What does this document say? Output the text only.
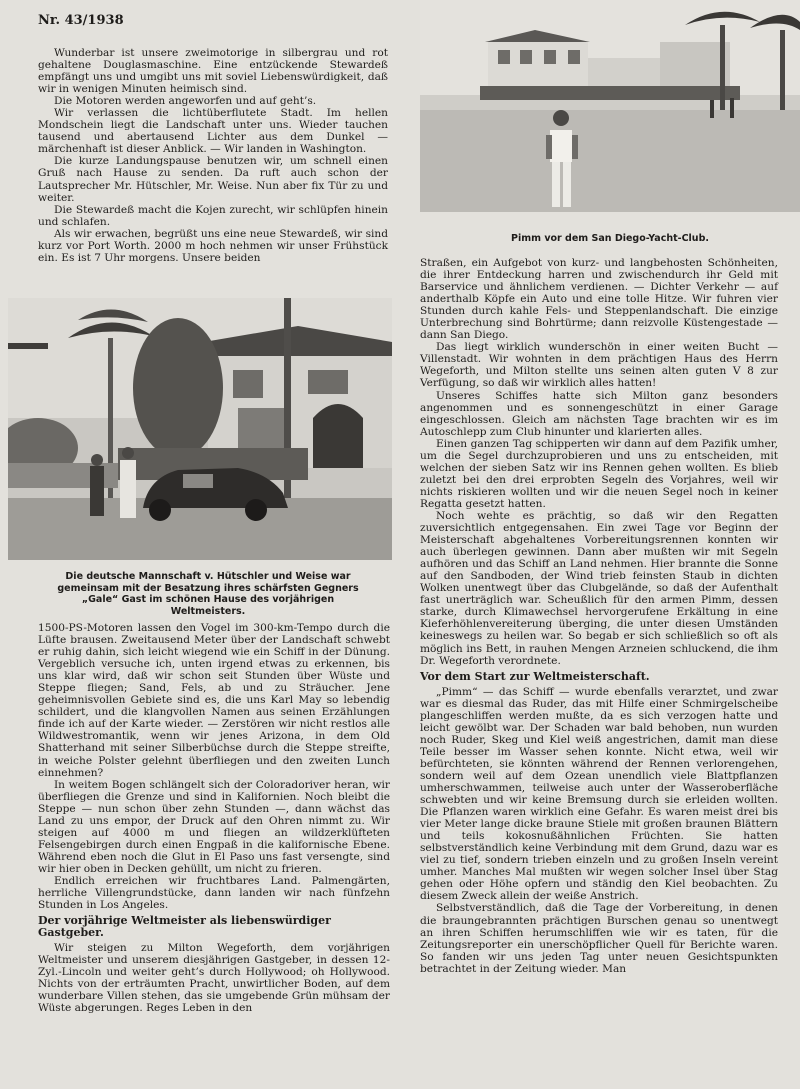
Nr. 43/1938

Wunderbar ist unsere zweimotorige in silbergrau und rot gehaltene Douglasmaschine. Eine entzückende Stewardeß empfängt uns und umgibt uns mit soviel Liebenswürdigkeit, daß wir in wenigen Minuten heimisch sind.

Die Motoren werden angeworfen und auf geht’s.

Wir verlassen die lichtüberflutete Stadt. Im hellen Mondschein liegt die Landschaft unter uns. Wieder tauchen tausend und abertausend Lichter aus dem Dunkel — märchenhaft ist dieser Anblick. — Wir landen in Washington.

Die kurze Landungspause benutzen wir, um schnell einen Gruß nach Hause zu senden. Da ruft auch schon der Lautsprecher Mr. Hütschler, Mr. Weise. Nun aber fix Tür zu und weiter.

Die Stewardeß macht die Kojen zurecht, wir schlüpfen hinein und schlafen.

Als wir erwachen, begrüßt uns eine neue Stewardeß, wir sind kurz vor Port Worth. 2000 m hoch nehmen wir unser Frühstück ein. Es ist 7 Uhr morgens. Unsere beiden

Die deutsche Mannschaft v. Hütschler und Weise war gemeinsam mit der Besatzung ihres schärfsten Gegners „Gale“ Gast im schönen Hause des vorjährigen Weltmeisters.

1500-PS-Motoren lassen den Vogel im 300-km-Tempo durch die Lüfte brausen. Zweitausend Meter über der Landschaft schwebt er ruhig dahin, sich leicht wiegend wie ein Schiff in der Dünung. Vergeblich versuche ich, unten irgend etwas zu erkennen, bis uns klar wird, daß wir schon seit Stunden über Wüste und Steppe fliegen; Sand, Fels, ab und zu Sträucher. Jene geheimnisvollen Gebiete sind es, die uns Karl May so lebendig schildert, und die klangvollen Namen aus seinen Erzählungen finde ich auf der Karte wieder. — Zerstören wir nicht restlos alle Wildwestromantik, wenn wir jenes Arizona, in dem Old Shatterhand mit seiner Silberbüchse durch die Steppe streifte, in weiche Polster gelehnt überfliegen und den zweiten Lunch einnehmen?

In weitem Bogen schlängelt sich der Coloradoriver heran, wir überfliegen die Grenze und sind in Kalifornien. Noch bleibt die Steppe — nun schon über zehn Stunden —, dann wächst das Land zu uns empor, der Druck auf den Ohren nimmt zu. Wir steigen auf 4000 m und fliegen an wildzerklüfteten Felsengebirgen durch einen Engpaß in die kalifornische Ebene. Während eben noch die Glut in El Paso uns fast versengte, sind wir hier oben in Decken gehüllt, um nicht zu frieren.

Endlich erreichen wir fruchtbares Land. Palmengärten, herrliche Villengrundstücke, dann landen wir nach fünfzehn Stunden in Los Angeles.

Der vorjährige Weltmeister als liebenswürdiger Gastgeber.

Wir steigen zu Milton Wegeforth, dem vorjährigen Weltmeister und unserem diesjährigen Gastgeber, in dessen 12-Zyl.-Lincoln und weiter geht’s durch Hollywood; oh Hollywood. Nichts von der erträumten Pracht, unwirtlicher Boden, auf dem wunderbare Villen stehen, das sie umgebende Grün mühsam der Wüste abgerungen. Reges Leben in den

Pimm vor dem San Diego-Yacht-Club.

Straßen, ein Aufgebot von kurz- und langbehosten Schönheiten, die ihrer Entdeckung harren und zwischendurch ihr Geld mit Barservice und ähnlichem verdienen. — Dichter Verkehr — auf anderthalb Köpfe ein Auto und eine tolle Hitze. Wir fuhren vier Stunden durch kahle Fels- und Steppenlandschaft. Die einzige Unterbrechung sind Bohrtürme; dann reizvolle Küstengestade — dann San Diego.

Das liegt wirklich wunderschön in einer weiten Bucht — Villenstadt. Wir wohnten in dem prächtigen Haus des Herrn Wegeforth, und Milton stellte uns seinen alten guten V 8 zur Verfügung, so daß wir wirklich alles hatten!

Unseres Schiffes hatte sich Milton ganz besonders angenommen und es sonnengeschützt in einer Garage eingeschlossen. Gleich am nächsten Tage brachten wir es im Autoschlepp zum Club hinunter und klarierten alles.

Einen ganzen Tag schipperten wir dann auf dem Pazifik umher, um die Segel durchzuprobieren und uns zu entscheiden, mit welchen der sieben Satz wir ins Rennen gehen wollten. Es blieb zuletzt bei den drei erprobten Segeln des Vorjahres, weil wir nichts riskieren wollten und wir die neuen Segel noch in keiner Regatta gesetzt hatten.

Noch wehte es prächtig, so daß wir den Regatten zuversichtlich entgegensahen. Ein zwei Tage vor Beginn der Meisterschaft abgehaltenes Vorbereitungsrennen konnten wir auch überlegen gewinnen. Dann aber mußten wir mit Segeln aufhören und das Schiff an Land nehmen. Hier brannte die Sonne auf den Sandboden, der Wind trieb feinsten Staub in dichten Wolken unentwegt über das Clubgelände, so daß der Aufenthalt fast unerträglich war. Scheußlich für den armen Pimm, dessen starke, durch Klimawechsel hervorgerufene Erkältung in eine Kieferhöhlenvereiterung überging, die unter diesen Umständen keineswegs zu heilen war. So begab er sich schließlich so oft als möglich ins Bett, in rauhen Mengen Arzneien schluckend, die ihm Dr. Wegeforth verordnete.

Vor dem Start zur Weltmeisterschaft.

„Pimm“ — das Schiff — wurde ebenfalls verarztet, und zwar war es diesmal das Ruder, das mit Hilfe einer Schmirgelscheibe plangeschliffen werden mußte, da es sich verzogen hatte und leicht gewölbt war. Der Schaden war bald behoben, nun wurden noch Ruder, Skeg und Kiel weiß angestrichen, damit man diese Teile besser im Wasser sehen konnte. Nicht etwa, weil wir befürchteten, sie könnten während der Rennen verlorengehen, sondern weil auf dem Ozean unendlich viele Blattpflanzen umherschwammen, teilweise auch unter der Wasseroberfläche schwebten und wir keine Bremsung durch sie erleiden wollten. Die Pflanzen waren wirklich eine Gefahr. Es waren meist drei bis vier Meter lange dicke braune Stiele mit großen braunen Blättern und teils kokosnußähnlichen Früchten. Sie hatten selbstverständlich keine Verbindung mit dem Grund, dazu war es viel zu tief, sondern trieben einzeln und zu großen Inseln vereint umher. Manches Mal mußten wir wegen solcher Insel über Stag gehen oder Höhe opfern und ständig den Kiel beobachten. Zu diesem Zweck allein der weiße Anstrich.

Selbstverständlich, daß die Tage der Vorbereitung, in denen die braungebrannten prächtigen Burschen genau so unentwegt an ihren Schiffen herumschliffen wie wir es taten, für die Zeitungsreporter ein unerschöpflicher Quell für Berichte waren. So fanden wir uns jeden Tag unter neuen Gesichtspunkten betrachtet in der Zeitung wieder. Man
